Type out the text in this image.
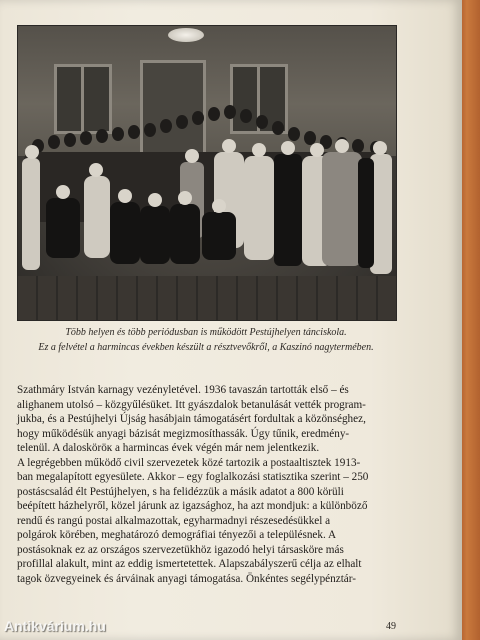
Több helyen és több periódusban is működött Pestújhelyen tánciskola.
Ez a felvétel a harmincas években készült a résztvevőkről, a Kaszinó nagytermében.

Szathmáry István karnagy vezényletével. 1936 tavaszán tartották első – és
alighanem utolsó – közgyűlésüket. Itt gyászdalok betanulását vették program-
jukba, és a Pestújhelyi Újság hasábjain támogatásért fordultak a közönséghez,
hogy működésük anyagi bázisát megizmosíthassák. Úgy tűnik, eredmény-
telenül. A dalosköröк a harmincas évek végén már nem jelentkezik.

A legrégebben működő civil szervezetek közé tartozik a postaaltisztek 1913-
ban megalapított egyesülete. Akkor – egy foglalkozási statisztika szerint – 250
postáscsalád élt Pestújhelyen, s ha felidézzük a másik adatot a 800 körüli
beépített házhelyről, közel járunk az igazsághoz, ha azt mondjuk: a különböző
rendű és rangú postai alkalmazottak, egyharmadnyi részesedésükkel a
polgárok körében, meghatározó demográfiai tényezői a településnek. A
postásoknak ez az országos szervezetükhöz igazodó helyi társaskörе más
profillal alakult, mint az eddig ismertetettek. Alapszabályszerű célja az elhalt
tagok özvegyeinek és árváinak anyagi támogatása. Önkéntes segélypénztár-

49
Antikvárium.hu
